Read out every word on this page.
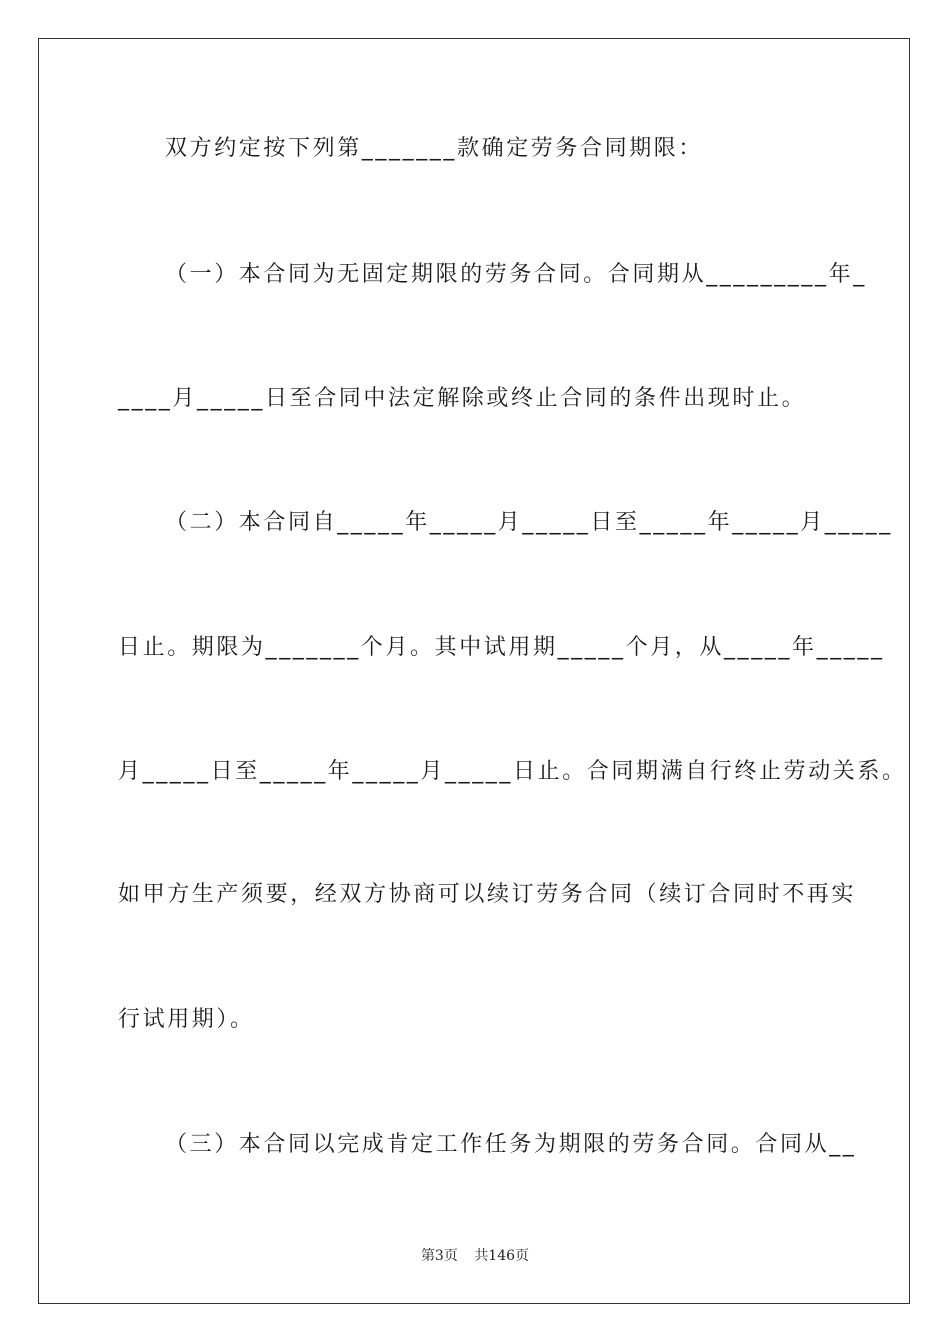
双方约定按下列第_______款确定劳务合同期限：
（一）本合同为无固定期限的劳务合同。合同期从_________年_
____月_____日至合同中法定解除或终止合同的条件出现时止。
（二）本合同自_____年_____月_____日至_____年_____月_____
日止。期限为_______个月。其中试用期_____个月，从_____年_____
月_____日至_____年_____月_____日止。合同期满自行终止劳动关系。
如甲方生产须要，经双方协商可以续订劳务合同（续订合同时不再实
行试用期）。
（三）本合同以完成肯定工作任务为期限的劳务合同。合同从__
第3页 共146页
